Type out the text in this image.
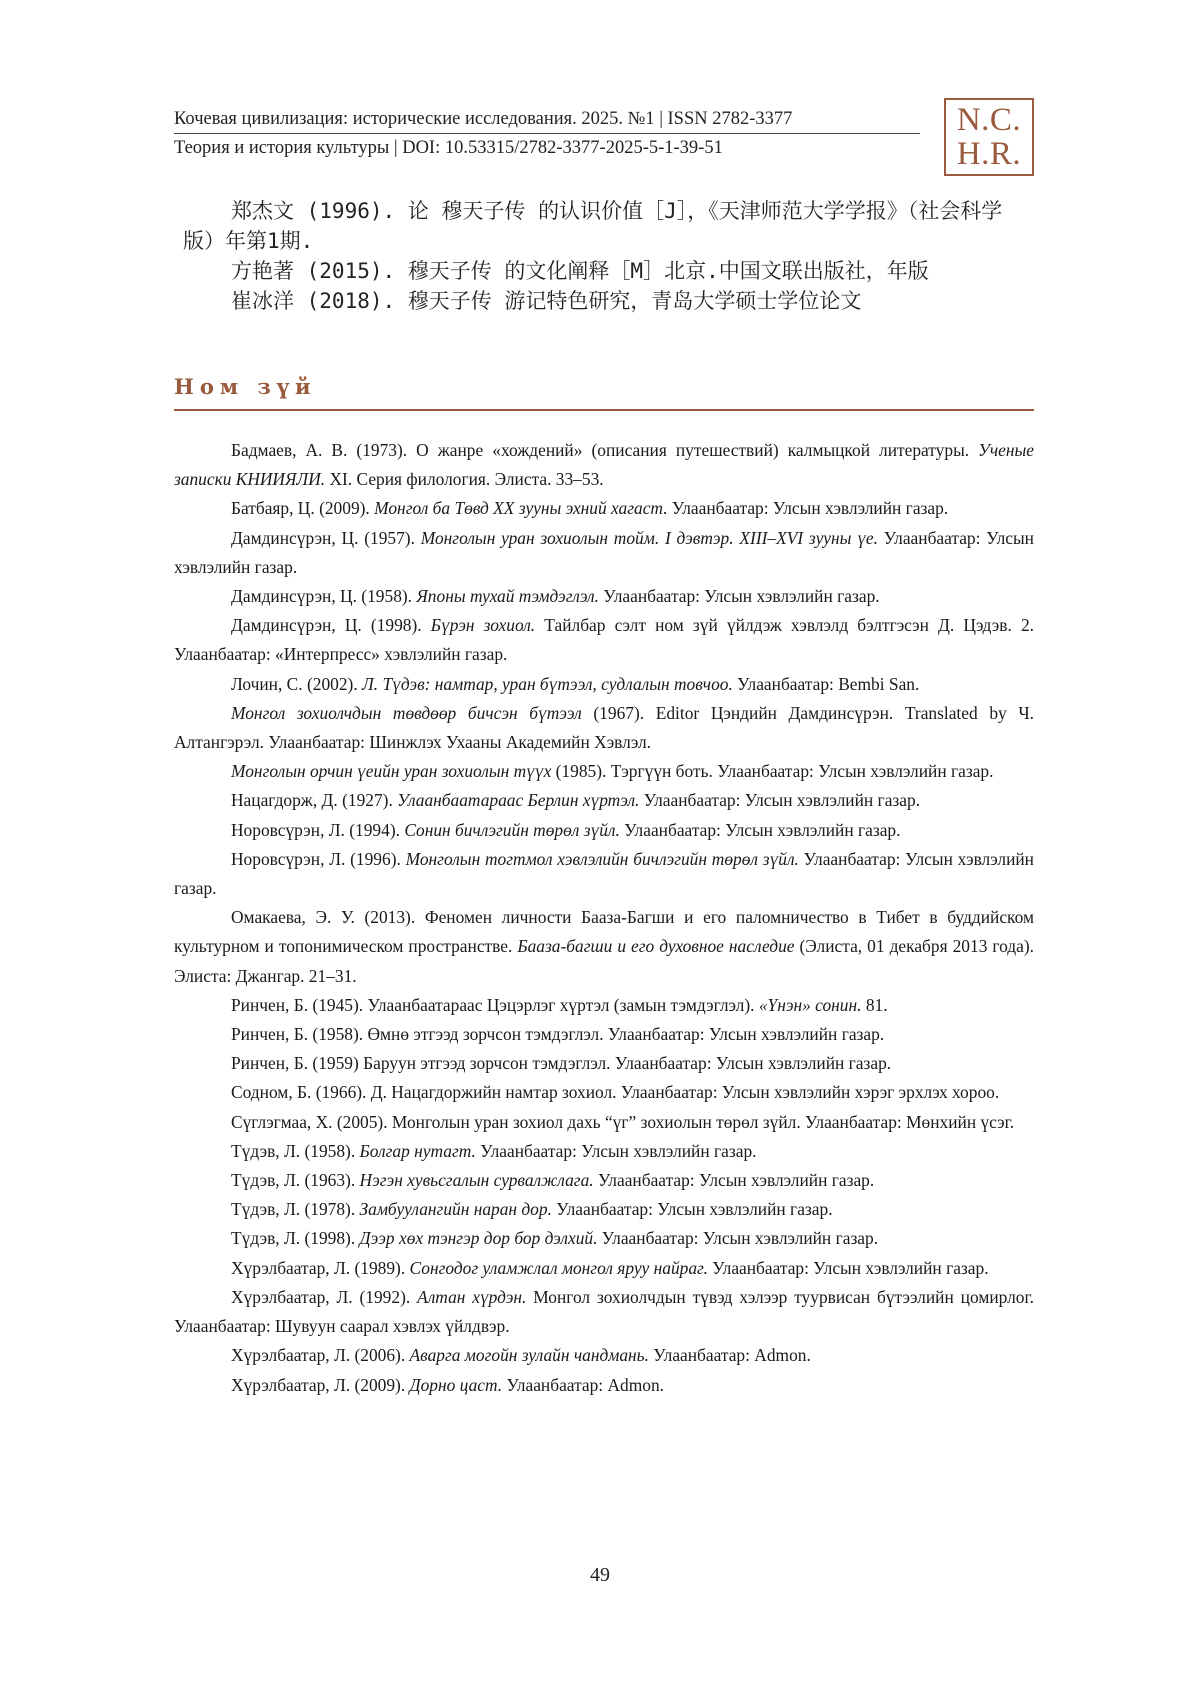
Кочевая цивилизация: исторические исследования. 2025. №1 | ISSN 2782-3377
Теория и история культуры | DOI: 10.53315/2782-3377-2025-5-1-39-51
N.C.
H.R.

郑杰文 (1996). 论 穆天子传 的认识价值［J］，《天津师范大学学报》（社会科学版）年第1期.

方艳著 (2015). 穆天子传 的文化阐释［M］北京.中国文联出版社，年版

崔冰洋 (2018). 穆天子传 游记特色研究，青岛大学硕士学位论文

Ном зүй

Бадмаев, А. В. (1973). О жанре «хождений» (описания путешествий) калмыцкой литературы. Ученые записки КНИИЯЛИ. XI. Серия филология. Элиста. 33–53.

Батбаяр, Ц. (2009). Монгол ба Төвд ХХ зууны эхний хагаст. Улаанбаатар: Улсын хэвлэлийн газар.

Дамдинсүрэн, Ц. (1957). Монголын уран зохиолын тойм. I дэвтэр. XIII–XVI зууны үе. Улаанбаатар: Улсын хэвлэлийн газар.

Дамдинсүрэн, Ц. (1958). Японы тухай тэмдэглэл. Улаанбаатар: Улсын хэвлэлийн газар.

Дамдинсүрэн, Ц. (1998). Бүрэн зохиол. Тайлбар сэлт ном зүй үйлдэж хэвлэлд бэлтгэсэн Д. Цэдэв. 2. Улаанбаатар: «Интерпресс» хэвлэлийн газар.

Лочин, С. (2002). Л. Түдэв: намтар, уран бүтээл, судлалын товчоо. Улаанбаатар: Bembi San.

Монгол зохиолчдын төвдөөр бичсэн бүтээл (1967). Editor Цэндийн Дамдинсүрэн. Translated by Ч. Алтангэрэл. Улаанбаатар: Шинжлэх Ухааны Академийн Хэвлэл.

Монголын орчин үеийн уран зохиолын түүх (1985). Тэргүүн боть. Улаанбаатар: Улсын хэвлэлийн газар.

Нацагдорж, Д. (1927). Улаанбаатараас Берлин хүртэл. Улаанбаатар: Улсын хэвлэлийн газар.

Норовсүрэн, Л. (1994). Сонин бичлэгийн төрөл зүйл. Улаанбаатар: Улсын хэвлэлийн газар.

Норовсүрэн, Л. (1996). Монголын тогтмол хэвлэлийн бичлэгийн төрөл зүйл. Улаанбаатар: Улсын хэвлэлийн газар.

Омакаева, Э. У. (2013). Феномен личности Бааза-Багши и его паломничество в Тибет в буддийском культурном и топонимическом пространстве. Бааза-багши и его духовное наследие (Элиста, 01 декабря 2013 года). Элиста: Джангар. 21–31.

Ринчен, Б. (1945). Улаанбаатараас Цэцэрлэг хүртэл (замын тэмдэглэл). «Үнэн» сонин. 81.

Ринчен, Б. (1958). Өмнө этгээд зорчсон тэмдэглэл. Улаанбаатар: Улсын хэвлэлийн газар.

Ринчен, Б. (1959) Баруун этгээд зорчсон тэмдэглэл. Улаанбаатар: Улсын хэвлэлийн газар.

Содном, Б. (1966). Д. Нацагдоржийн намтар зохиол. Улаанбаатар: Улсын хэвлэлийн хэрэг эрхлэх хороо.

Сүглэгмаа, Х. (2005). Монголын уран зохиол дахь “үг” зохиолын төрөл зүйл. Улаанбаатар: Мөнхийн үсэг.

Түдэв, Л. (1958). Болгар нутагт. Улаанбаатар: Улсын хэвлэлийн газар.

Түдэв, Л. (1963). Нэгэн хувьсгалын сурвалжлага. Улаанбаатар: Улсын хэвлэлийн газар.

Түдэв, Л. (1978). Замбуулангийн наран дор. Улаанбаатар: Улсын хэвлэлийн газар.

Түдэв, Л. (1998). Дээр хөх тэнгэр дор бор дэлхий. Улаанбаатар: Улсын хэвлэлийн газар.

Хүрэлбаатар, Л. (1989). Сонгодог уламжлал монгол яруу найраг. Улаанбаатар: Улсын хэвлэлийн газар.

Хүрэлбаатар, Л. (1992). Алтан хүрдэн. Монгол зохиолчдын түвэд хэлээр туурвисан бүтээлийн цомирлог. Улаанбаатар: Шувуун саарал хэвлэх үйлдвэр.

Хүрэлбаатар, Л. (2006). Аварга могойн зулайн чандмань. Улаанбаатар: Admon.

Хүрэлбаатар, Л. (2009). Дорно цаст. Улаанбаатар: Admon.

49
